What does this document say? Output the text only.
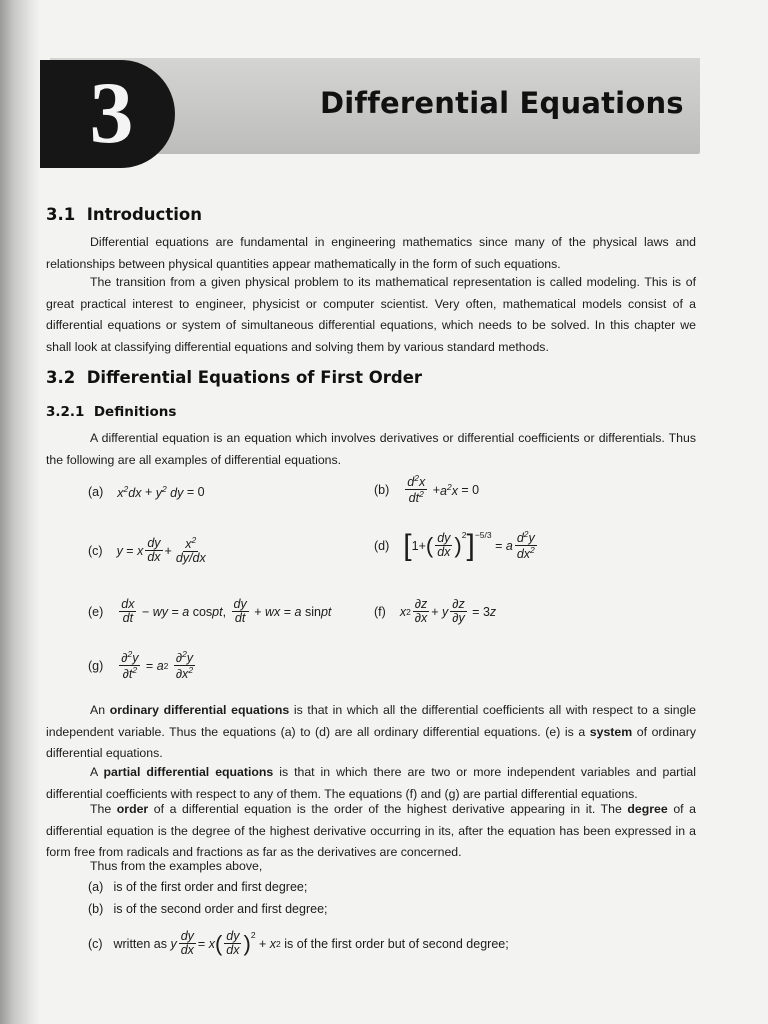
3	Differential Equations
3.1 Introduction
Differential equations are fundamental in engineering mathematics since many of the physical laws and relationships between physical quantities appear mathematically in the form of such equations.
The transition from a given physical problem to its mathematical representation is called modeling. This is of great practical interest to engineer, physicist or computer scientist. Very often, mathematical models consist of a differential equations or system of simultaneous differential equations, which needs to be solved. In this chapter we shall look at classifying differential equations and solving them by various standard methods.
3.2 Differential Equations of First Order
3.2.1 Definitions
A differential equation is an equation which involves derivatives or differential coefficients or differentials. Thus the following are all examples of differential equations.
(a) $x^2dx + y^2$ dy = 0	$(b) \frac{d^2x}{dt^2} + a^2x = 0$
(c) y = x $\frac{dy}{dx} + \frac{x^2}{dy/dx}$	(d) [ 1+ ( $\frac{dy}{dx} )^2$ ]$^{-5/3}$
= a $\frac{d^2y}{dx^2}$
$(e) \frac{dx}{dt}$ − wy = a cos pt , $\frac{dy}{dt}$ + wx = a sin pt	(f) x $2 \frac{\partial z}{\partial x} + y \frac{\partial z}{\partial y} = 3$ z
$(g) \frac{\partial^2y}{\partial t^2} = a$ 2
$\frac{\partial^2y}{\partial x^2}$
An ordinary differential equations is that in which all the differential coefficients all with respect to a single independent variable. Thus the equations (a) to (d) are all ordinary differential equations. (e) is a system of ordinary differential equations.
A partial differential equations is that in which there are two or more independent variables and partial differential coefficients with respect to any of them. The equations (f) and (g) are partial differential equations.
The order of a differential equation is the order of the highest derivative appearing in it. The degree of a differential equation is the degree of the highest derivative occurring in its, after the equation has been expressed in a form free from radicals and fractions as far as the derivatives are concerned.
Thus from the examples above,
(a) is of the first order and first degree;
(b) is of the second order and first degree;
(c)
written as
y $\frac{dy}{dx} = x$ ( $\frac{dy}{dx} )^2$
+ x 2
is of the first order but of second degree;
